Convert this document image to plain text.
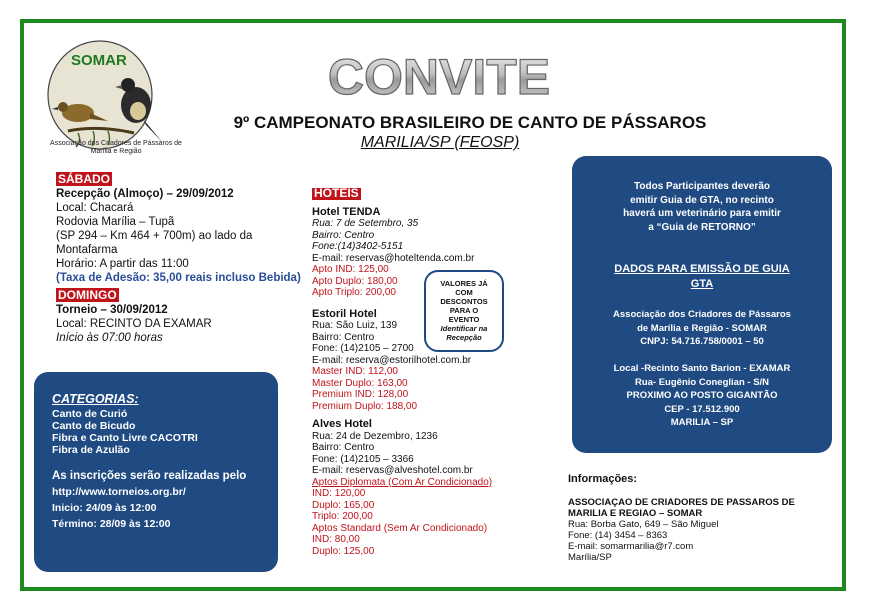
SOMAR
Associação dos Criadores de Pássaros de Marília e Região
CONVITE
9º CAMPEONATO BRASILEIRO DE CANTO DE PÁSSAROS
MARILIA/SP (FEOSP)
SÁBADO
Recepção (Almoço) – 29/09/2012
Local: Chacará
Rodovia Marília – Tupã
(SP 294 – Km 464 + 700m) ao lado da
Montafarma
Horário: A partir das 11:00
(Taxa de Adesão: 35,00 reais incluso Bebida)
DOMINGO
Torneio – 30/09/2012
Local: RECINTO DA EXAMAR
Início às 07:00 horas
CATEGORIAS:
Canto de Curió
Canto de Bicudo
Fibra e Canto Livre CACOTRI
Fibra de Azulão
As inscrições serão realizadas pelo
http://www.torneios.org.br/
Inicio: 24/09 às 12:00
Término: 28/09 às 12:00
HOTÉIS
Hotel TENDA
Rua: 7 de Setembro, 35
Bairro: Centro
Fone:(14)3402-5151
E-mail: reservas@hoteltenda.com.br
Apto IND: 125,00
Apto Duplo: 180,00
Apto Triplo: 200,00
Estoril Hotel
Rua: São Luiz, 139
Bairro: Centro
Fone: (14)2105 – 2700
E-mail: reserva@estorilhotel.com.br
Master IND: 112,00
Master Duplo: 163,00
Premium IND: 128,00
Premium Duplo: 188,00
Alves Hotel
Rua: 24 de Dezembro, 1236
Bairro: Centro
Fone: (14)2105 – 3366
E-mail: reservas@alveshotel.com.br
Aptos Diplomata (Com Ar Condicionado)
IND: 120,00
Duplo: 165,00
Triplo: 200,00
Aptos Standard (Sem Ar Condicionado)
IND: 80,00
Duplo: 125,00
VALORES JÁ
COM
DESCONTOS
PARA O
EVENTO
Identificar na
Recepção
Todos Participantes deverão
emitir Guia de GTA, no recinto
haverá um veterinário para emitir
a “Guia de RETORNO”
DADOS PARA EMISSÃO DE GUIA
GTA
Associação dos Criadores de Pássaros
de Marília e Região - SOMAR
CNPJ: 54.716.758/0001 – 50
Local -Recinto Santo Barion - EXAMAR
Rua- Eugênio Coneglian - S/N
PROXIMO AO POSTO GIGANTÃO
CEP - 17.512.900
MARILIA – SP
Informações:
ASSOCIAÇAO DE CRIADORES DE PASSAROS DE
MARILIA E REGIAO – SOMAR
Rua: Borba Gato, 649 – São Miguel
Fone: (14) 3454 – 8363
E-mail: somarmarilia@r7.com
Marília/SP
